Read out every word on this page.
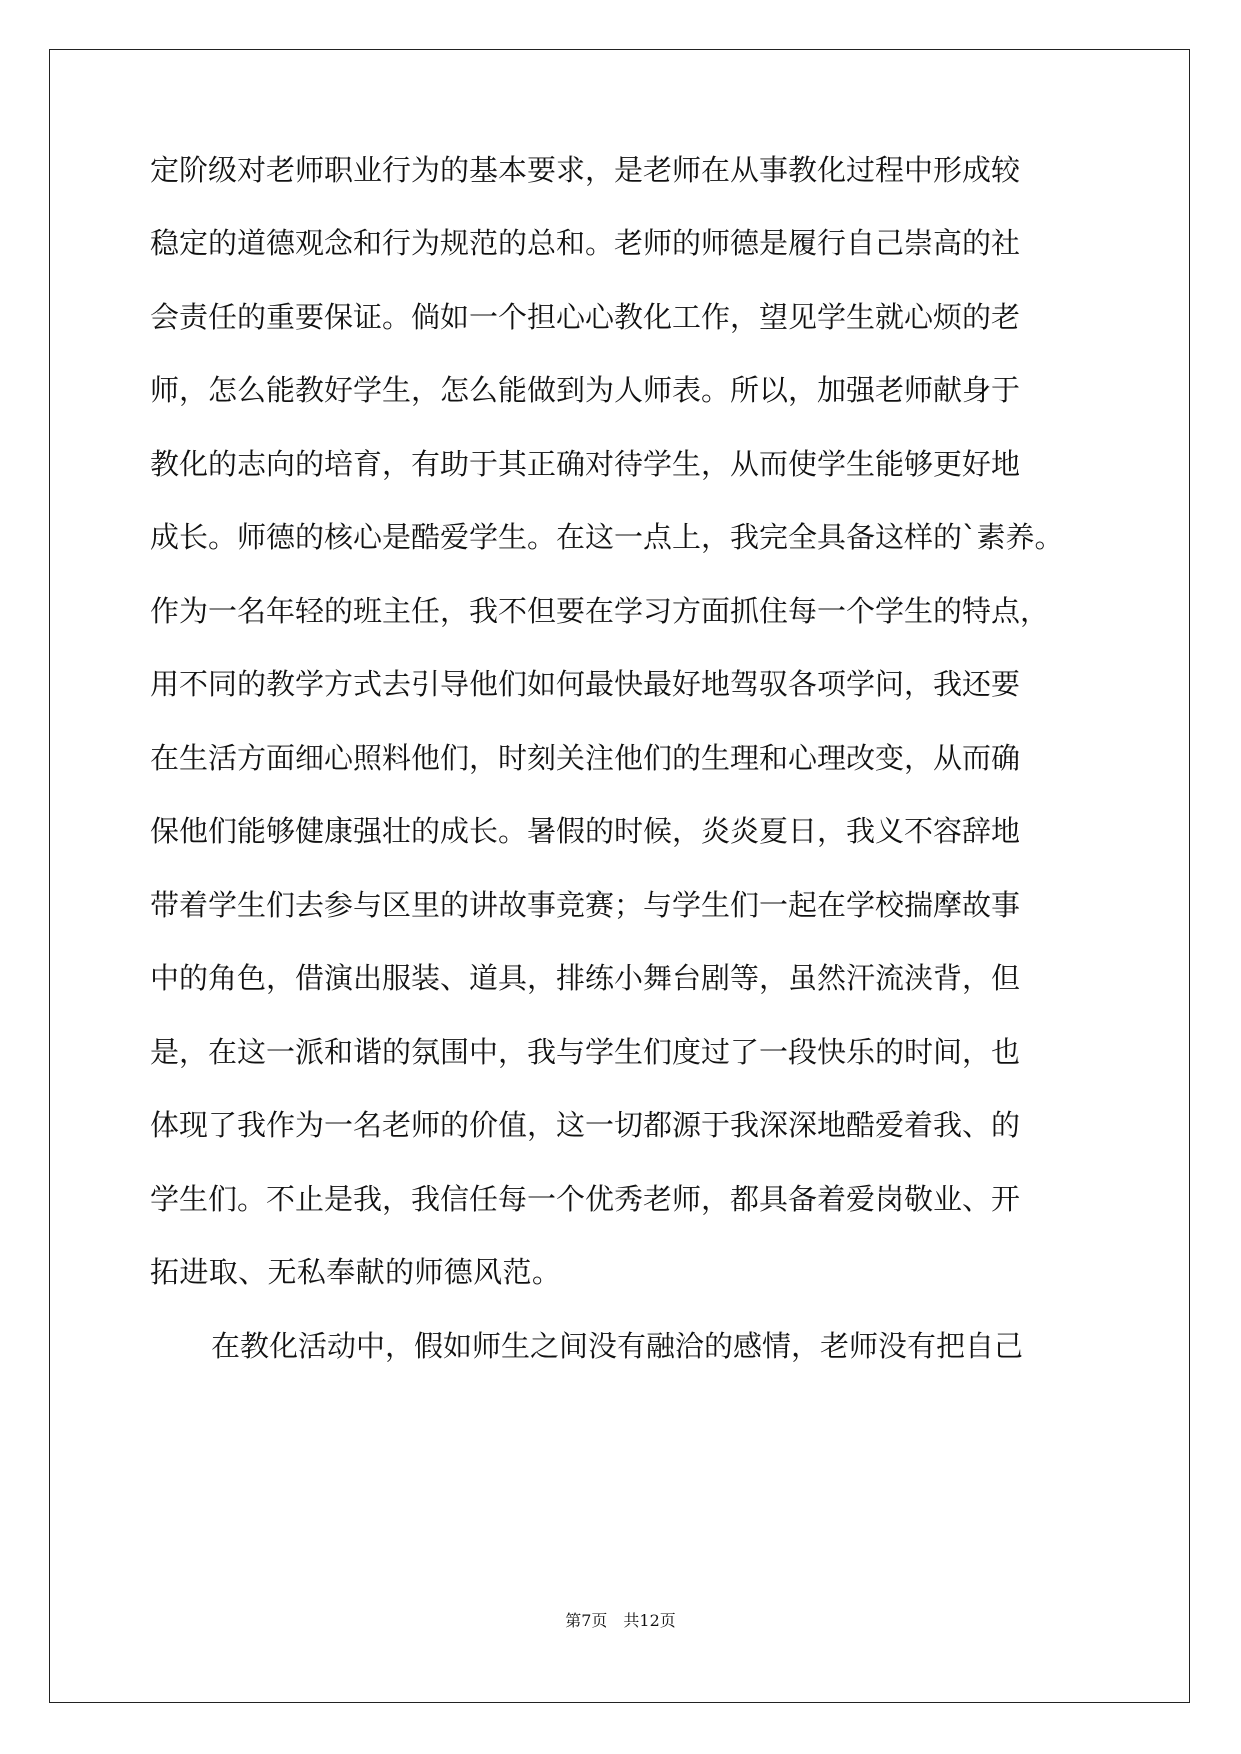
定阶级对老师职业行为的基本要求，是老师在从事教化过程中形成较
稳定的道德观念和行为规范的总和。老师的师德是履行自己崇高的社
会责任的重要保证。倘如一个担心心教化工作，望见学生就心烦的老
师，怎么能教好学生，怎么能做到为人师表。所以，加强老师献身于
教化的志向的培育，有助于其正确对待学生，从而使学生能够更好地
成长。师德的核心是酷爱学生。在这一点上，我完全具备这样的`素养。
作为一名年轻的班主任，我不但要在学习方面抓住每一个学生的特点，
用不同的教学方式去引导他们如何最快最好地驾驭各项学问，我还要
在生活方面细心照料他们，时刻关注他们的生理和心理改变，从而确
保他们能够健康强壮的成长。暑假的时候，炎炎夏日，我义不容辞地
带着学生们去参与区里的讲故事竞赛；与学生们一起在学校揣摩故事
中的角色，借演出服装、道具，排练小舞台剧等，虽然汗流浃背，但
是，在这一派和谐的氛围中，我与学生们度过了一段快乐的时间，也
体现了我作为一名老师的价值，这一切都源于我深深地酷爱着我、的
学生们。不止是我，我信任每一个优秀老师，都具备着爱岗敬业、开
拓进取、无私奉献的师德风范。
在教化活动中，假如师生之间没有融洽的感情，老师没有把自己
第7页 共12页
